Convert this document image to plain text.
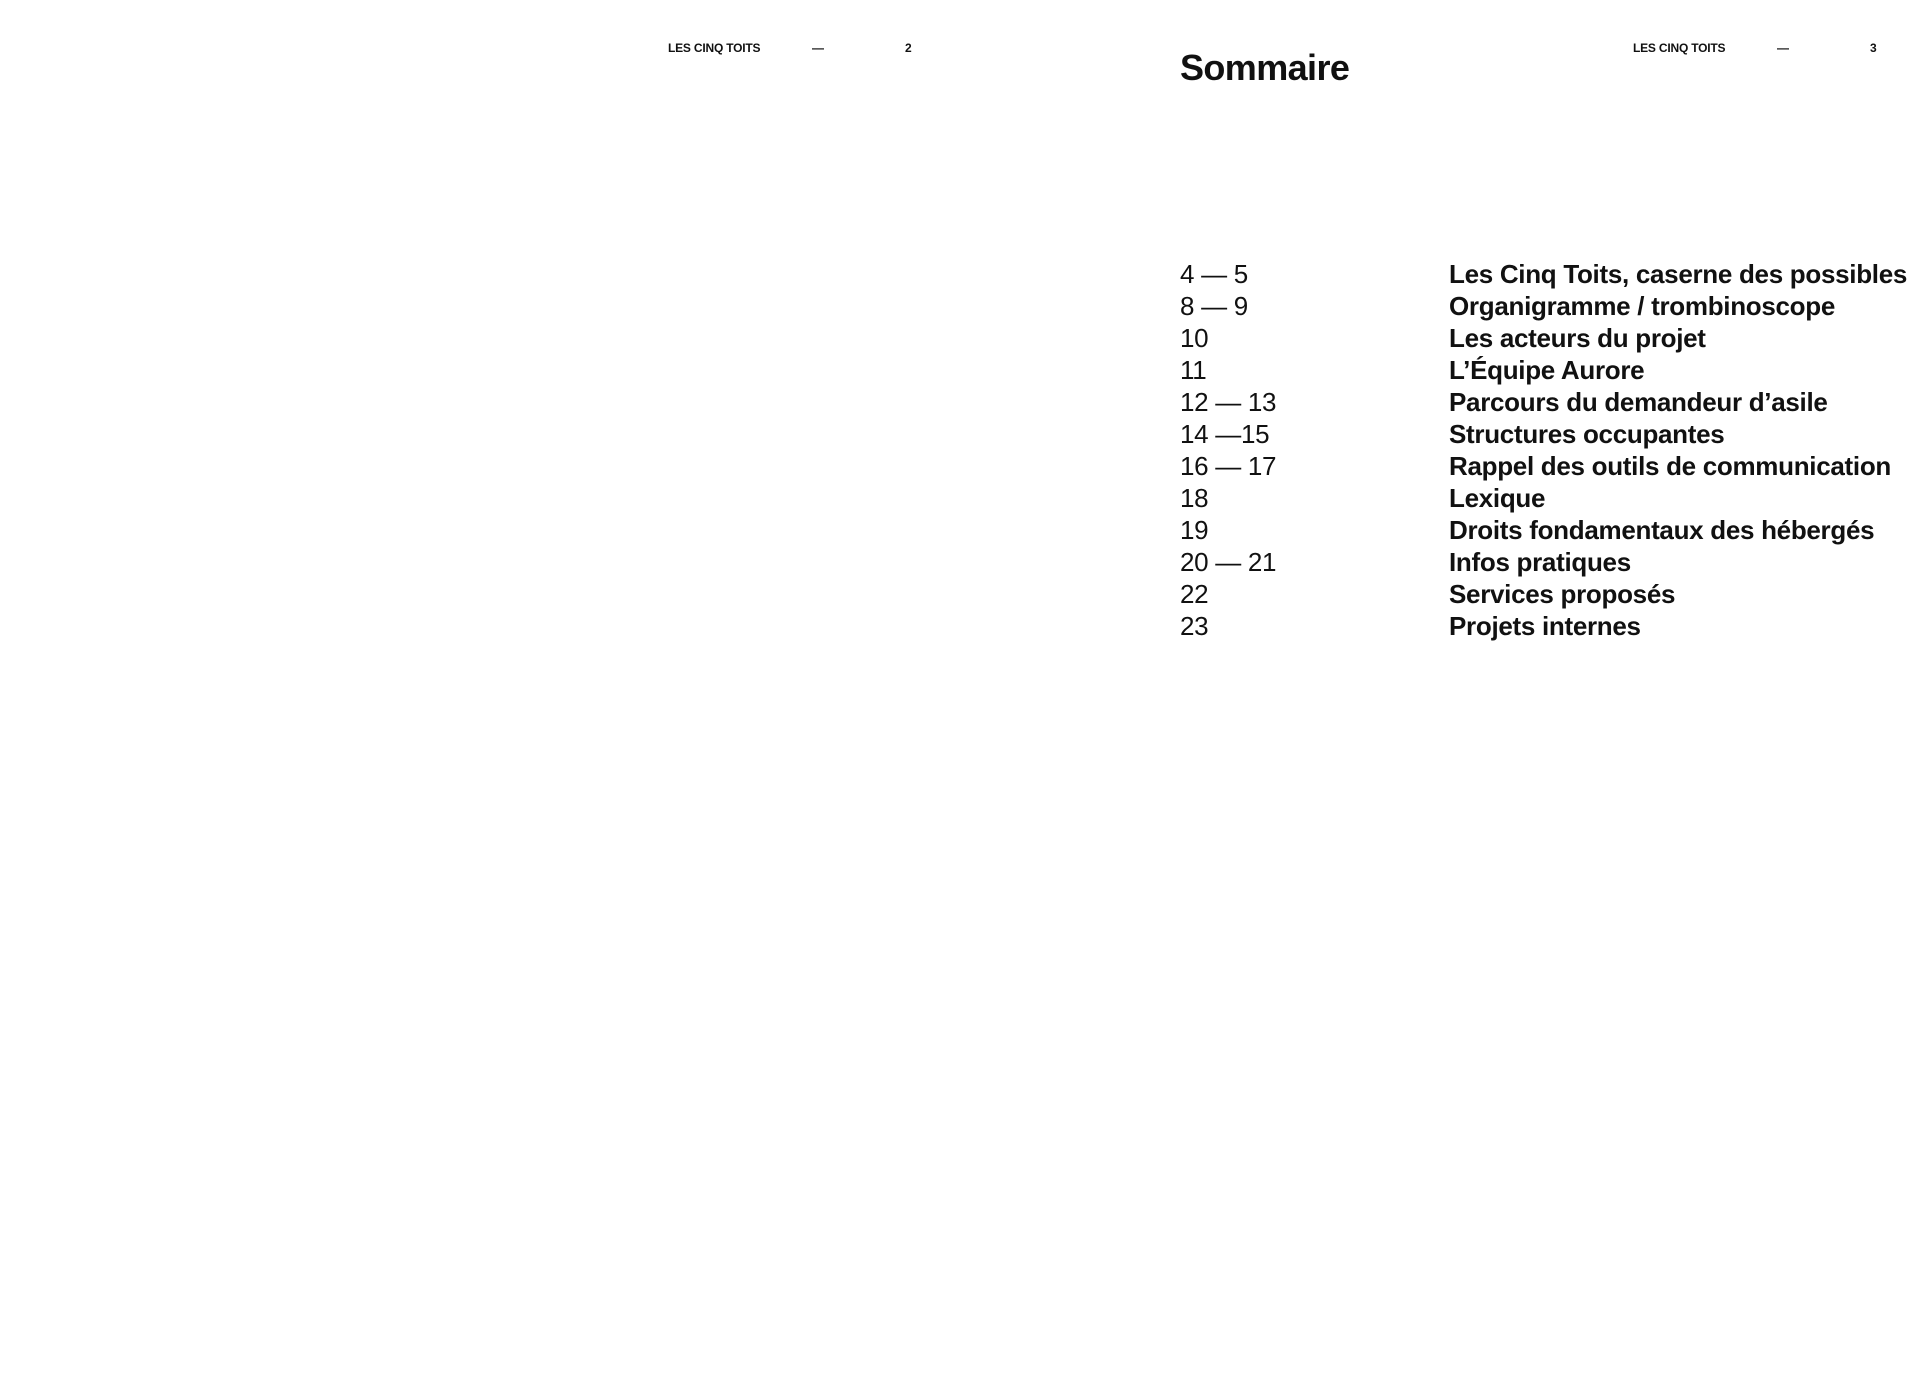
LES CINQ TOITS	—	2	LES CINQ TOITS	—	3
Sommaire
4 — 5	Les Cinq Toits, caserne des possibles
8 — 9	Organigramme / trombinoscope
10	Les acteurs du projet
11	L’Équipe Aurore
12 — 13	Parcours du demandeur d’asile
14 —15	Structures occupantes
16 — 17	Rappel des outils de communication
18	Lexique
19	Droits fondamentaux des hébergés
20 — 21	Infos pratiques
22	Services proposés
23	Projets internes
